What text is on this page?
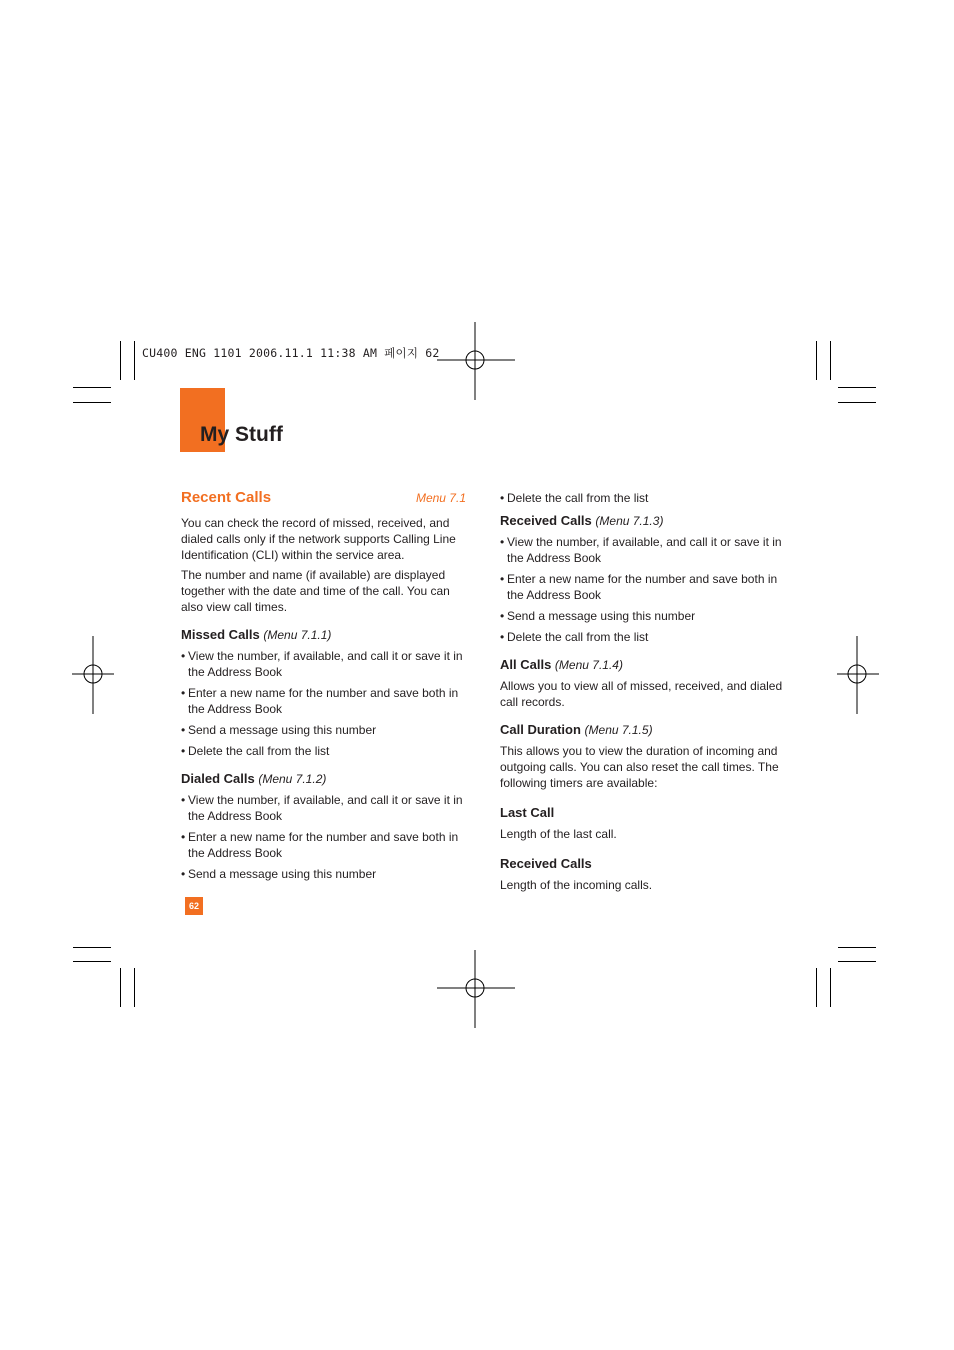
CU400 ENG 1101 2006.11.1 11:38 AM 페이지 62
My Stuff
Recent Calls	Menu 7.1

You can check the record of missed, received, and dialed calls only if the network supports Calling Line Identification (CLI) within the service area.

The number and name (if available) are displayed together with the date and time of the call. You can also view call times.

Missed Calls (Menu 7.1.1)
• View the number, if available, and call it or save it in the Address Book
• Enter a new name for the number and save both in the Address Book
• Send a message using this number
• Delete the call from the list
Dialed Calls (Menu 7.1.2)
• View the number, if available, and call it or save it in the Address Book
• Enter a new name for the number and save both in the Address Book
• Send a message using this number
• Delete the call from the list
Received Calls (Menu 7.1.3)
• View the number, if available, and call it or save it in the Address Book
• Enter a new name for the number and save both in the Address Book
• Send a message using this number
• Delete the call from the list
All Calls (Menu 7.1.4)

Allows you to view all of missed, received, and dialed call records.

Call Duration (Menu 7.1.5)

This allows you to view the duration of incoming and outgoing calls. You can also reset the call times. The following timers are available:

Last Call

Length of the last call.

Received Calls

Length of the incoming calls.

62
